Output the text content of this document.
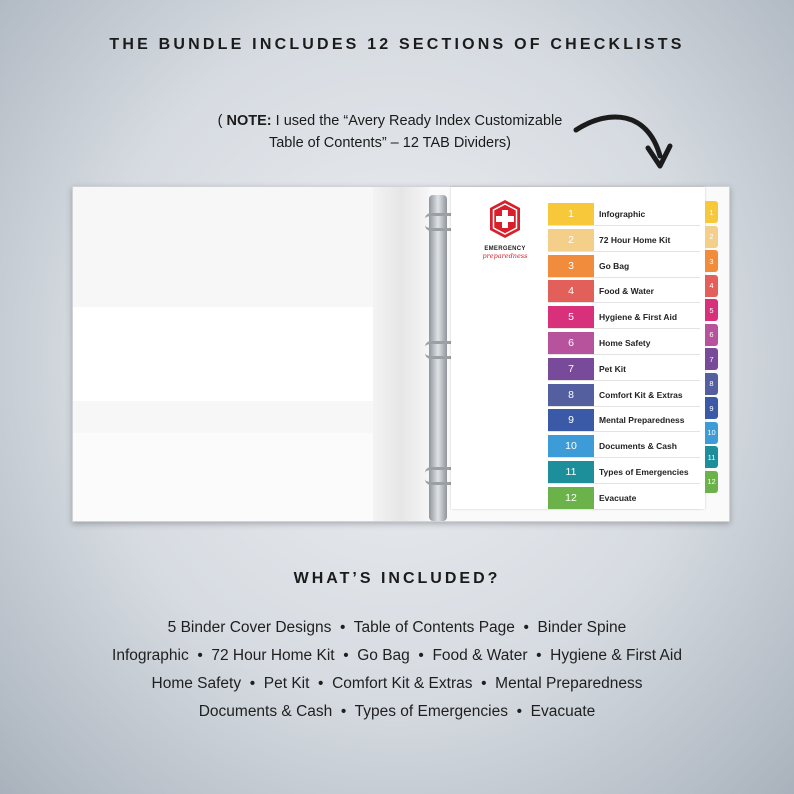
THE BUNDLE INCLUDES 12 SECTIONS OF CHECKLISTS
( NOTE: I used the “Avery Ready Index Customizable
Table of Contents” – 12 TAB Dividers)
EMERGENCY
preparedness
1	Infographic
2	72 Hour Home Kit
3	Go Bag
4	Food & Water
5	Hygiene & First Aid
6	Home Safety
7	Pet Kit
8	Comfort Kit & Extras
9	Mental Preparedness
10	Documents & Cash
11	Types of Emergencies
12	Evacuate
1
2
3
4
5
6
7
8
9
10
11
12
WHAT’S INCLUDED?
5 Binder Cover Designs  •  Table of Contents Page  •  Binder Spine
Infographic  •  72 Hour Home Kit  •  Go Bag  •  Food & Water  •  Hygiene & First Aid
Home Safety  •  Pet Kit  •  Comfort Kit & Extras  •  Mental Preparedness
Documents & Cash  •  Types of Emergencies  •  Evacuate
